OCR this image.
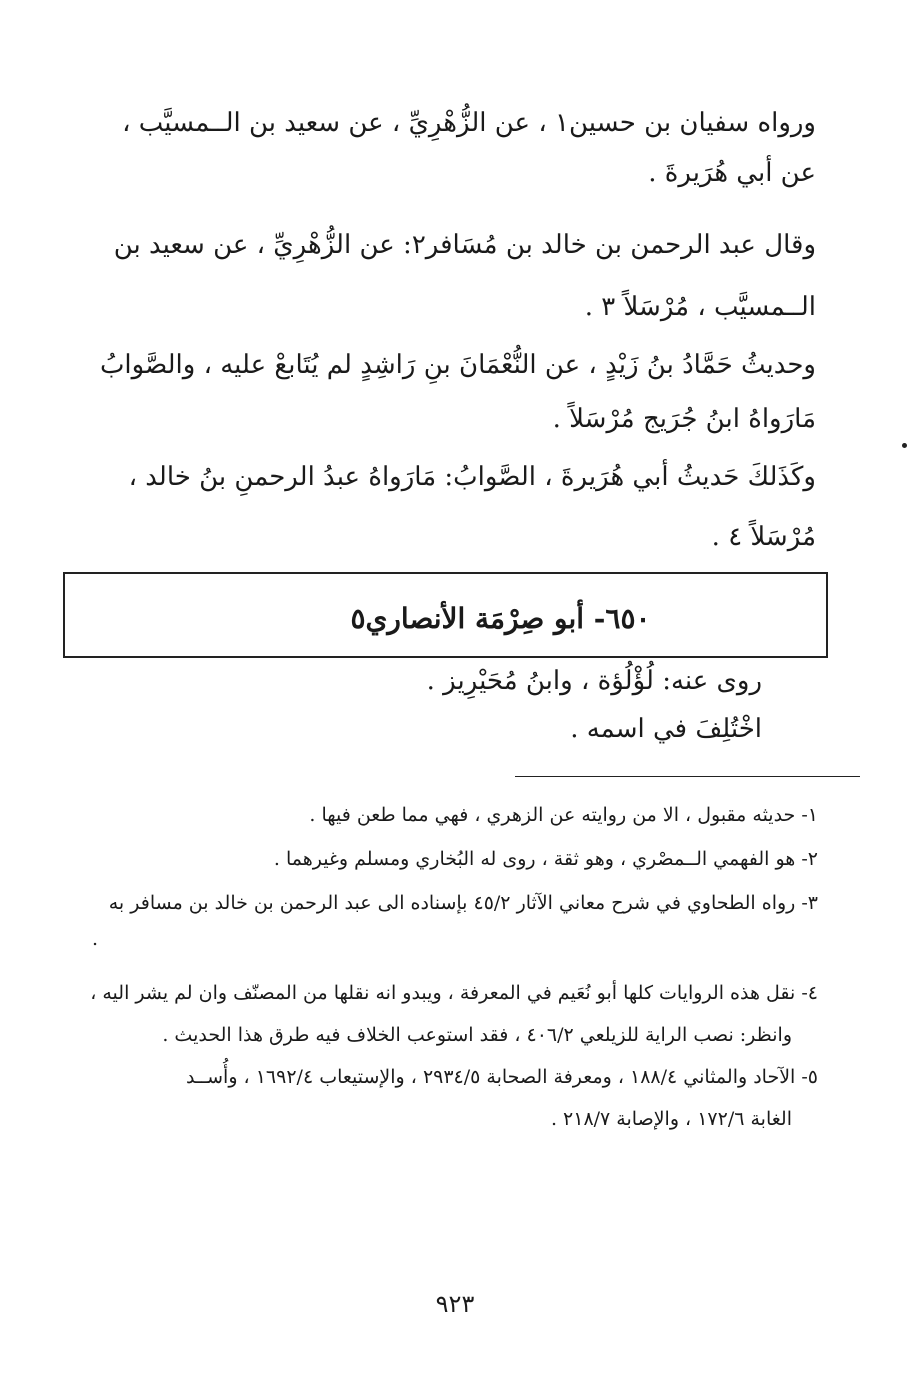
ورواه سفيان بن حسين١ ، عن الزُّهْرِيِّ ، عن سعيد بن الــمسيَّب ،

عن أبي هُرَيرةَ .

وقال عبد الرحمن بن خالد بن مُسَافر٢: عن الزُّهْرِيِّ ، عن سعيد بن

الــمسيَّب ، مُرْسَلاً ٣ .

وحديثُ حَمَّادُ بنُ زَيْدٍ ، عن النُّعْمَانَ بنِ رَاشِدٍ لم يُتَابعْ عليه ، والصَّوابُ

مَارَواهُ ابنُ جُرَيج مُرْسَلاً .

وكَذَلكَ حَديثُ أبي هُرَيرةَ ، الصَّوابُ: مَارَواهُ عبدُ الرحمنِ بنُ خالد ،

مُرْسَلاً ٤ .

٦٥٠- أبو صِرْمَة الأنصاري٥

روى عنه: لُؤْلُؤة ، وابنُ مُحَيْرِيز .

اخْتُلِفَ في اسمه .

١- حديثه مقبول ، الا من روايته عن الزهري ، فهي مما طعن فيها .

٢- هو الفهمي الــمصْري ، وهو ثقة ، روى له البُخاري ومسلم وغيرهما .

٣- رواه الطحاوي في شرح معاني الآثار ٤٥/٢ بإسناده الى عبد الرحمن بن خالد بن مسافر به

.

٤- نقل هذه الروايات كلها أبو نُعَيم في المعرفة ، ويبدو انه نقلها من المصنّف وان لم يشر اليه ،

وانظر: نصب الراية للزيلعي ٤٠٦/٢ ، فقد استوعب الخلاف فيه طرق هذا الحديث .

٥- الآحاد والمثاني ١٨٨/٤ ، ومعرفة الصحابة ٢٩٣٤/٥ ، والإستيعاب ١٦٩٢/٤ ، وأُســد

الغابة ١٧٢/٦ ، والإصابة ٢١٨/٧ .

٩٢٣
